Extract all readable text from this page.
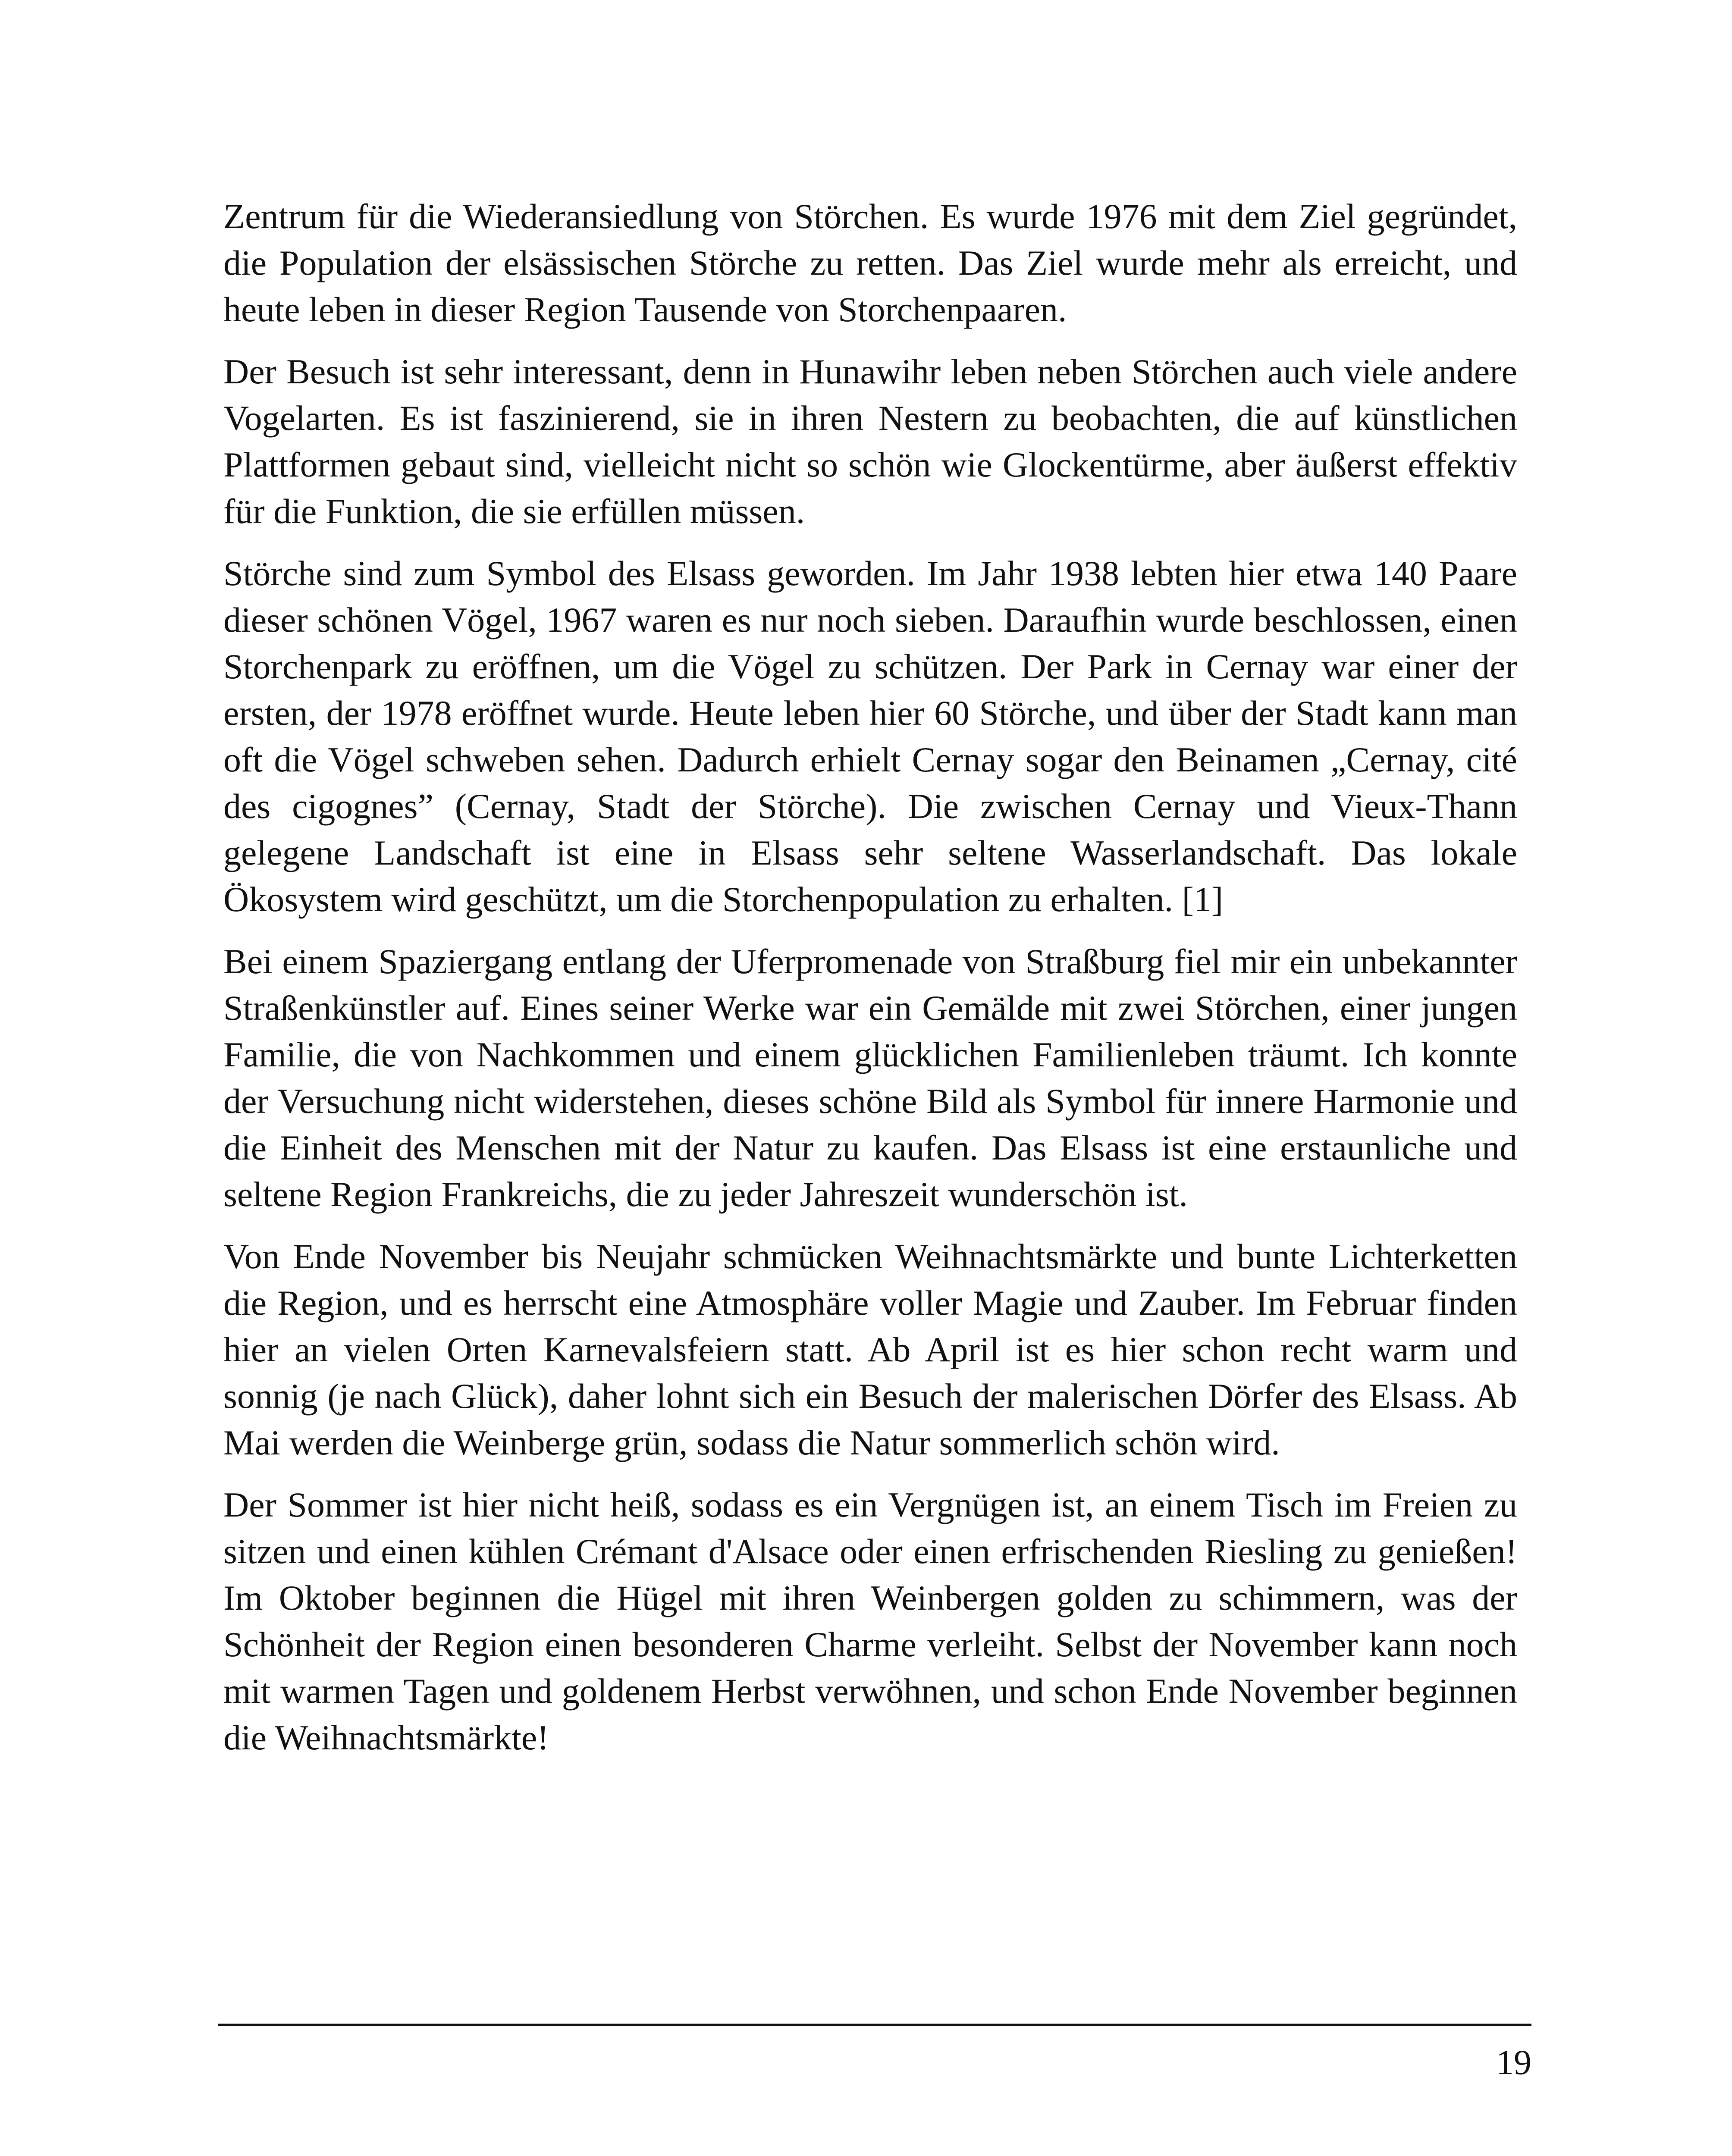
Zentrum für die Wiederansiedlung von Störchen. Es wurde 1976 mit dem Ziel gegründet, die Population der elsässischen Störche zu retten. Das Ziel wurde mehr als erreicht, und heute leben in dieser Region Tausende von Storchenpaaren.

Der Besuch ist sehr interessant, denn in Hunawihr leben neben Störchen auch viele andere Vogelarten. Es ist faszinierend, sie in ihren Nestern zu beobachten, die auf künstlichen Plattformen gebaut sind, vielleicht nicht so schön wie Glockentürme, aber äußerst effektiv für die Funktion, die sie erfüllen müssen.

Störche sind zum Symbol des Elsass geworden. Im Jahr 1938 lebten hier etwa 140 Paare dieser schönen Vögel, 1967 waren es nur noch sieben. Daraufhin wurde beschlossen, einen Storchenpark zu eröffnen, um die Vögel zu schützen. Der Park in Cernay war einer der ersten, der 1978 eröffnet wurde. Heute leben hier 60 Störche, und über der Stadt kann man oft die Vögel schweben sehen. Dadurch erhielt Cernay sogar den Beinamen „Cernay, cité des cigognes” (Cernay, Stadt der Störche). Die zwischen Cernay und Vieux-Thann gelegene Landschaft ist eine in Elsass sehr seltene Wasserlandschaft. Das lokale Ökosystem wird geschützt, um die Storchenpopulation zu erhalten. [1]

Bei einem Spaziergang entlang der Uferpromenade von Straßburg fiel mir ein unbekannter Straßenkünstler auf. Eines seiner Werke war ein Gemälde mit zwei Störchen, einer jungen Familie, die von Nachkommen und einem glücklichen Familienleben träumt. Ich konnte der Versuchung nicht widerstehen, dieses schöne Bild als Symbol für innere Harmonie und die Einheit des Menschen mit der Natur zu kaufen. Das Elsass ist eine erstaunliche und seltene Region Frankreichs, die zu jeder Jahreszeit wunderschön ist.

Von Ende November bis Neujahr schmücken Weihnachtsmärkte und bunte Lichterketten die Region, und es herrscht eine Atmosphäre voller Magie und Zauber. Im Februar finden hier an vielen Orten Karnevalsfeiern statt. Ab April ist es hier schon recht warm und sonnig (je nach Glück), daher lohnt sich ein Besuch der malerischen Dörfer des Elsass. Ab Mai werden die Weinberge grün, sodass die Natur sommerlich schön wird.

Der Sommer ist hier nicht heiß, sodass es ein Vergnügen ist, an einem Tisch im Freien zu sitzen und einen kühlen Crémant d'Alsace oder einen erfrischenden Riesling zu genießen! Im Oktober beginnen die Hügel mit ihren Weinbergen golden zu schimmern, was der Schönheit der Region einen besonderen Charme verleiht. Selbst der November kann noch mit warmen Tagen und goldenem Herbst verwöhnen, und schon Ende November beginnen die Weihnachtsmärkte!

19
